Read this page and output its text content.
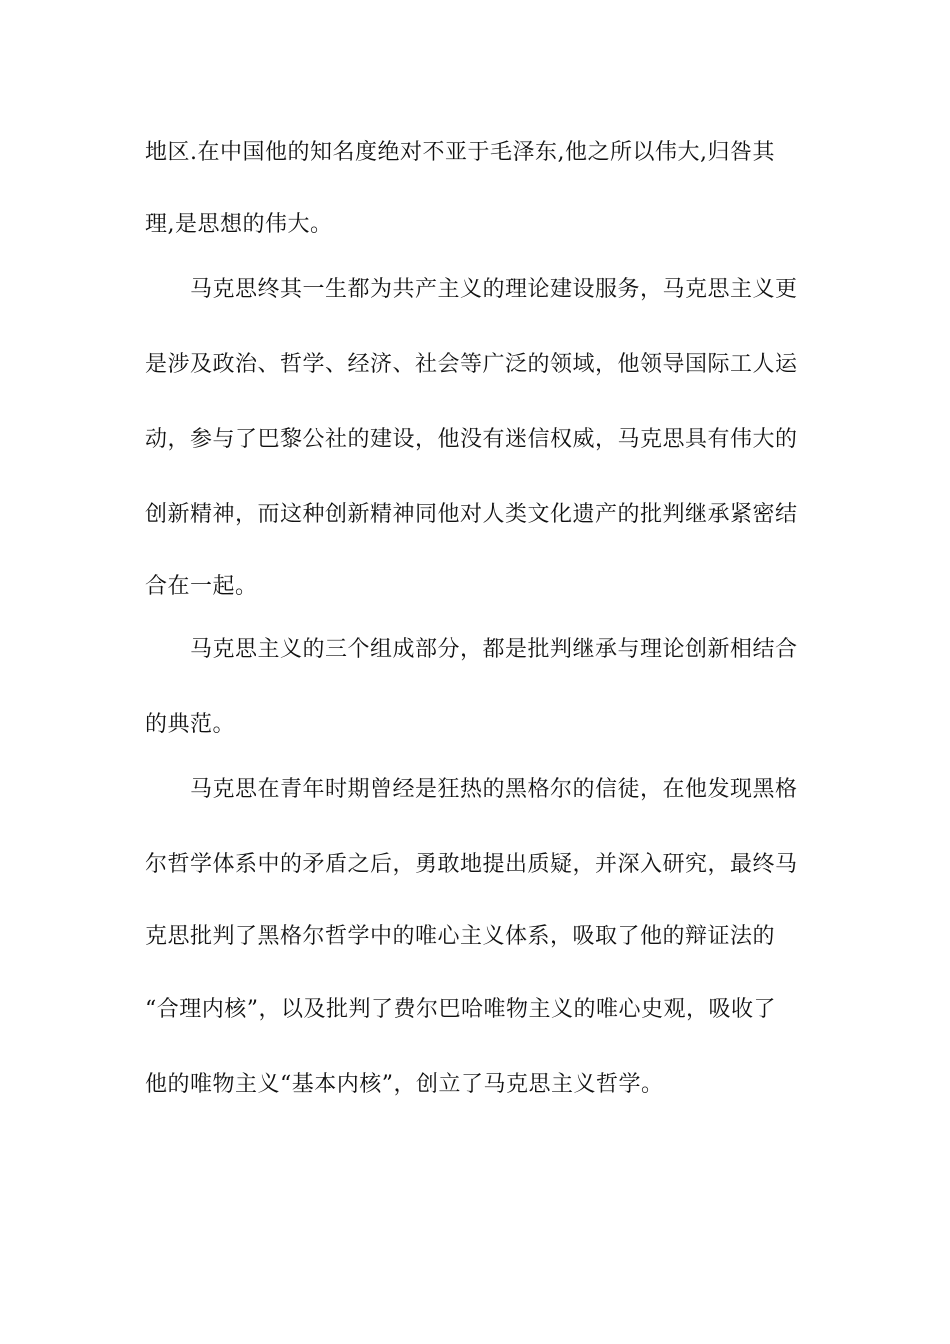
地区.在中国他的知名度绝对不亚于毛泽东,他之所以伟大,归咎其
理,是思想的伟大。
马克思终其一生都为共产主义的理论建设服务，马克思主义更
是涉及政治、哲学、经济、社会等广泛的领域，他领导国际工人运
动，参与了巴黎公社的建设，他没有迷信权威，马克思具有伟大的
创新精神，而这种创新精神同他对人类文化遗产的批判继承紧密结
合在一起。
马克思主义的三个组成部分，都是批判继承与理论创新相结合
的典范。
马克思在青年时期曾经是狂热的黑格尔的信徒，在他发现黑格
尔哲学体系中的矛盾之后，勇敢地提出质疑，并深入研究，最终马
克思批判了黑格尔哲学中的唯心主义体系，吸取了他的辩证法的
“合理内核”，以及批判了费尔巴哈唯物主义的唯心史观，吸收了
他的唯物主义“基本内核”，创立了马克思主义哲学。
